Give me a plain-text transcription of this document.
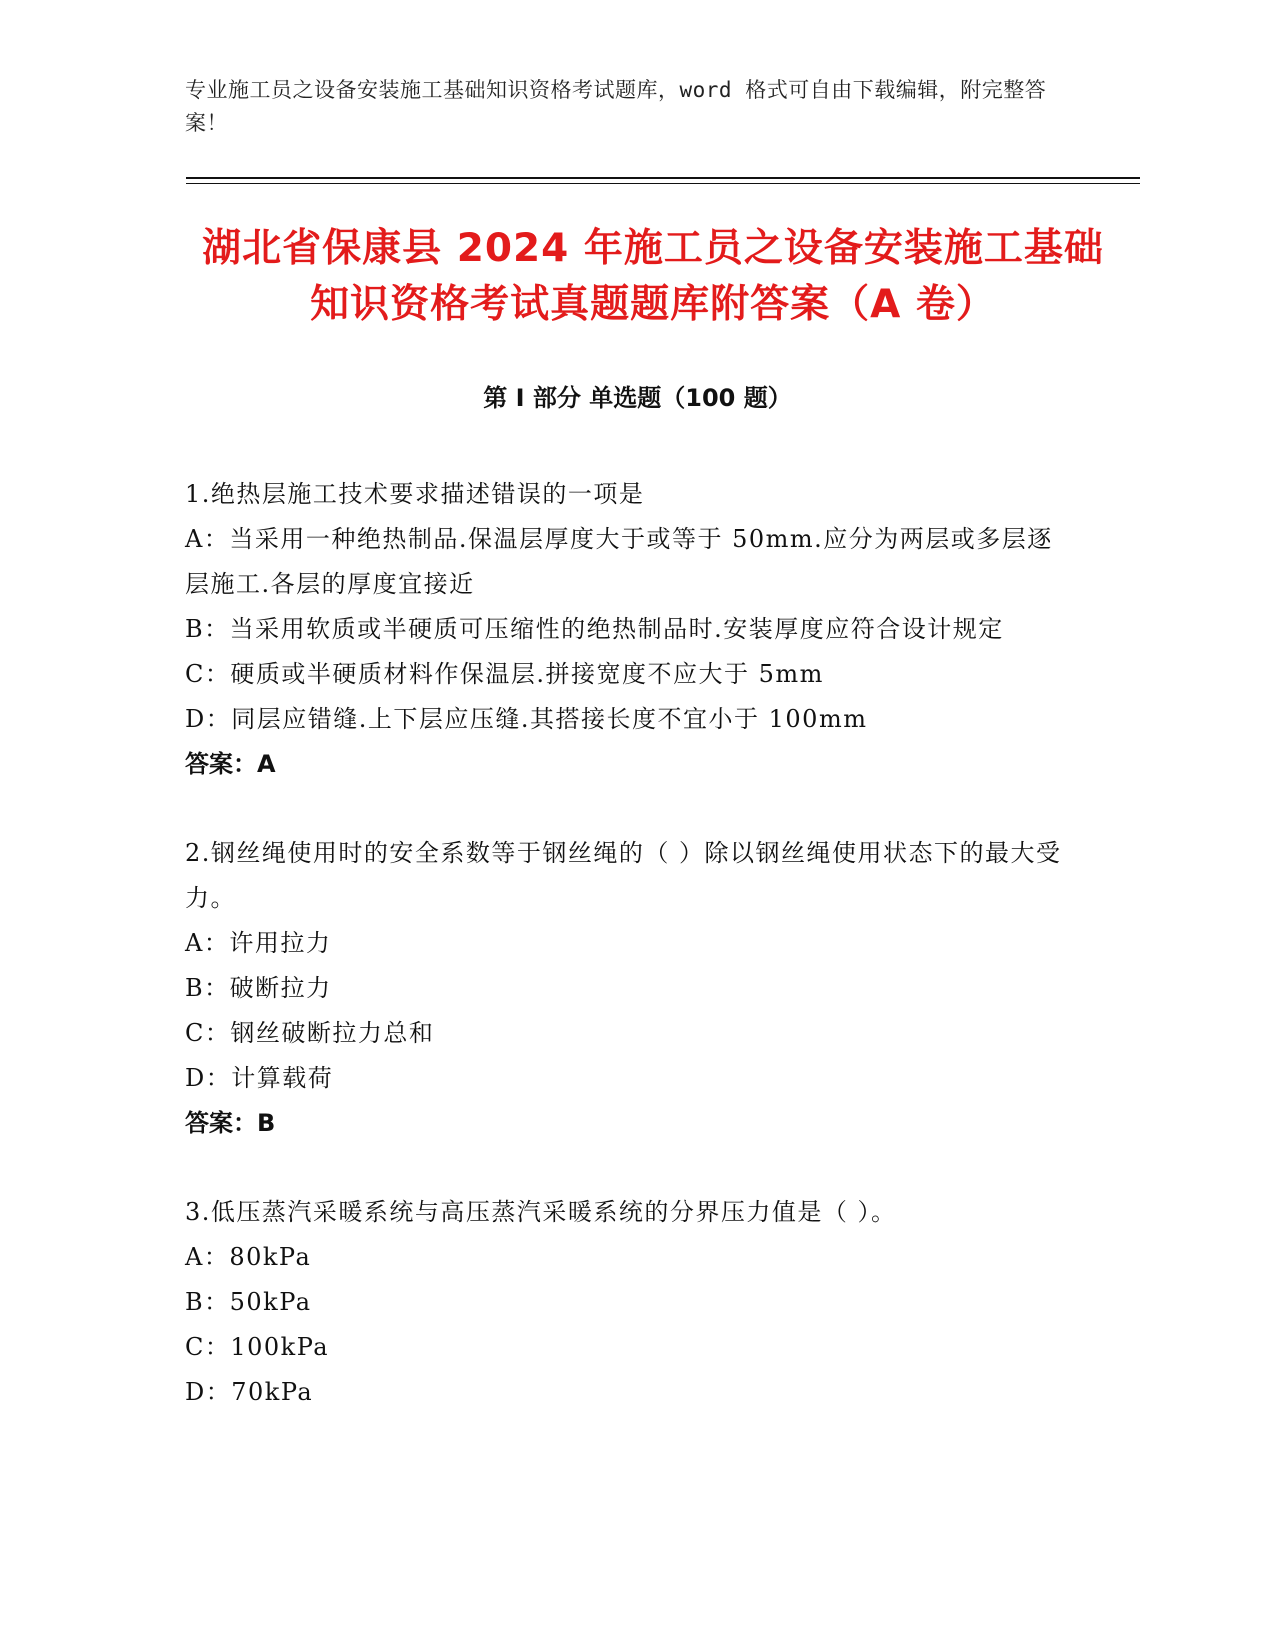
专业施工员之设备安装施工基础知识资格考试题库，word 格式可自由下载编辑，附完整答案！
湖北省保康县 2024 年施工员之设备安装施工基础知识资格考试真题题库附答案（A 卷）
第 I 部分 单选题（100 题）

1.绝热层施工技术要求描述错误的一项是

A：当采用一种绝热制品.保温层厚度大于或等于 50mm.应分为两层或多层逐层施工.各层的厚度宜接近

B：当采用软质或半硬质可压缩性的绝热制品时.安装厚度应符合设计规定

C：硬质或半硬质材料作保温层.拼接宽度不应大于 5mm

D：同层应错缝.上下层应压缝.其搭接长度不宜小于 100mm

答案：A

2.钢丝绳使用时的安全系数等于钢丝绳的（ ）除以钢丝绳使用状态下的最大受力。

A：许用拉力

B：破断拉力

C：钢丝破断拉力总和

D：计算载荷

答案：B

3.低压蒸汽采暖系统与高压蒸汽采暖系统的分界压力值是（ ）。

A：80kPa

B：50kPa

C：100kPa

D：70kPa
